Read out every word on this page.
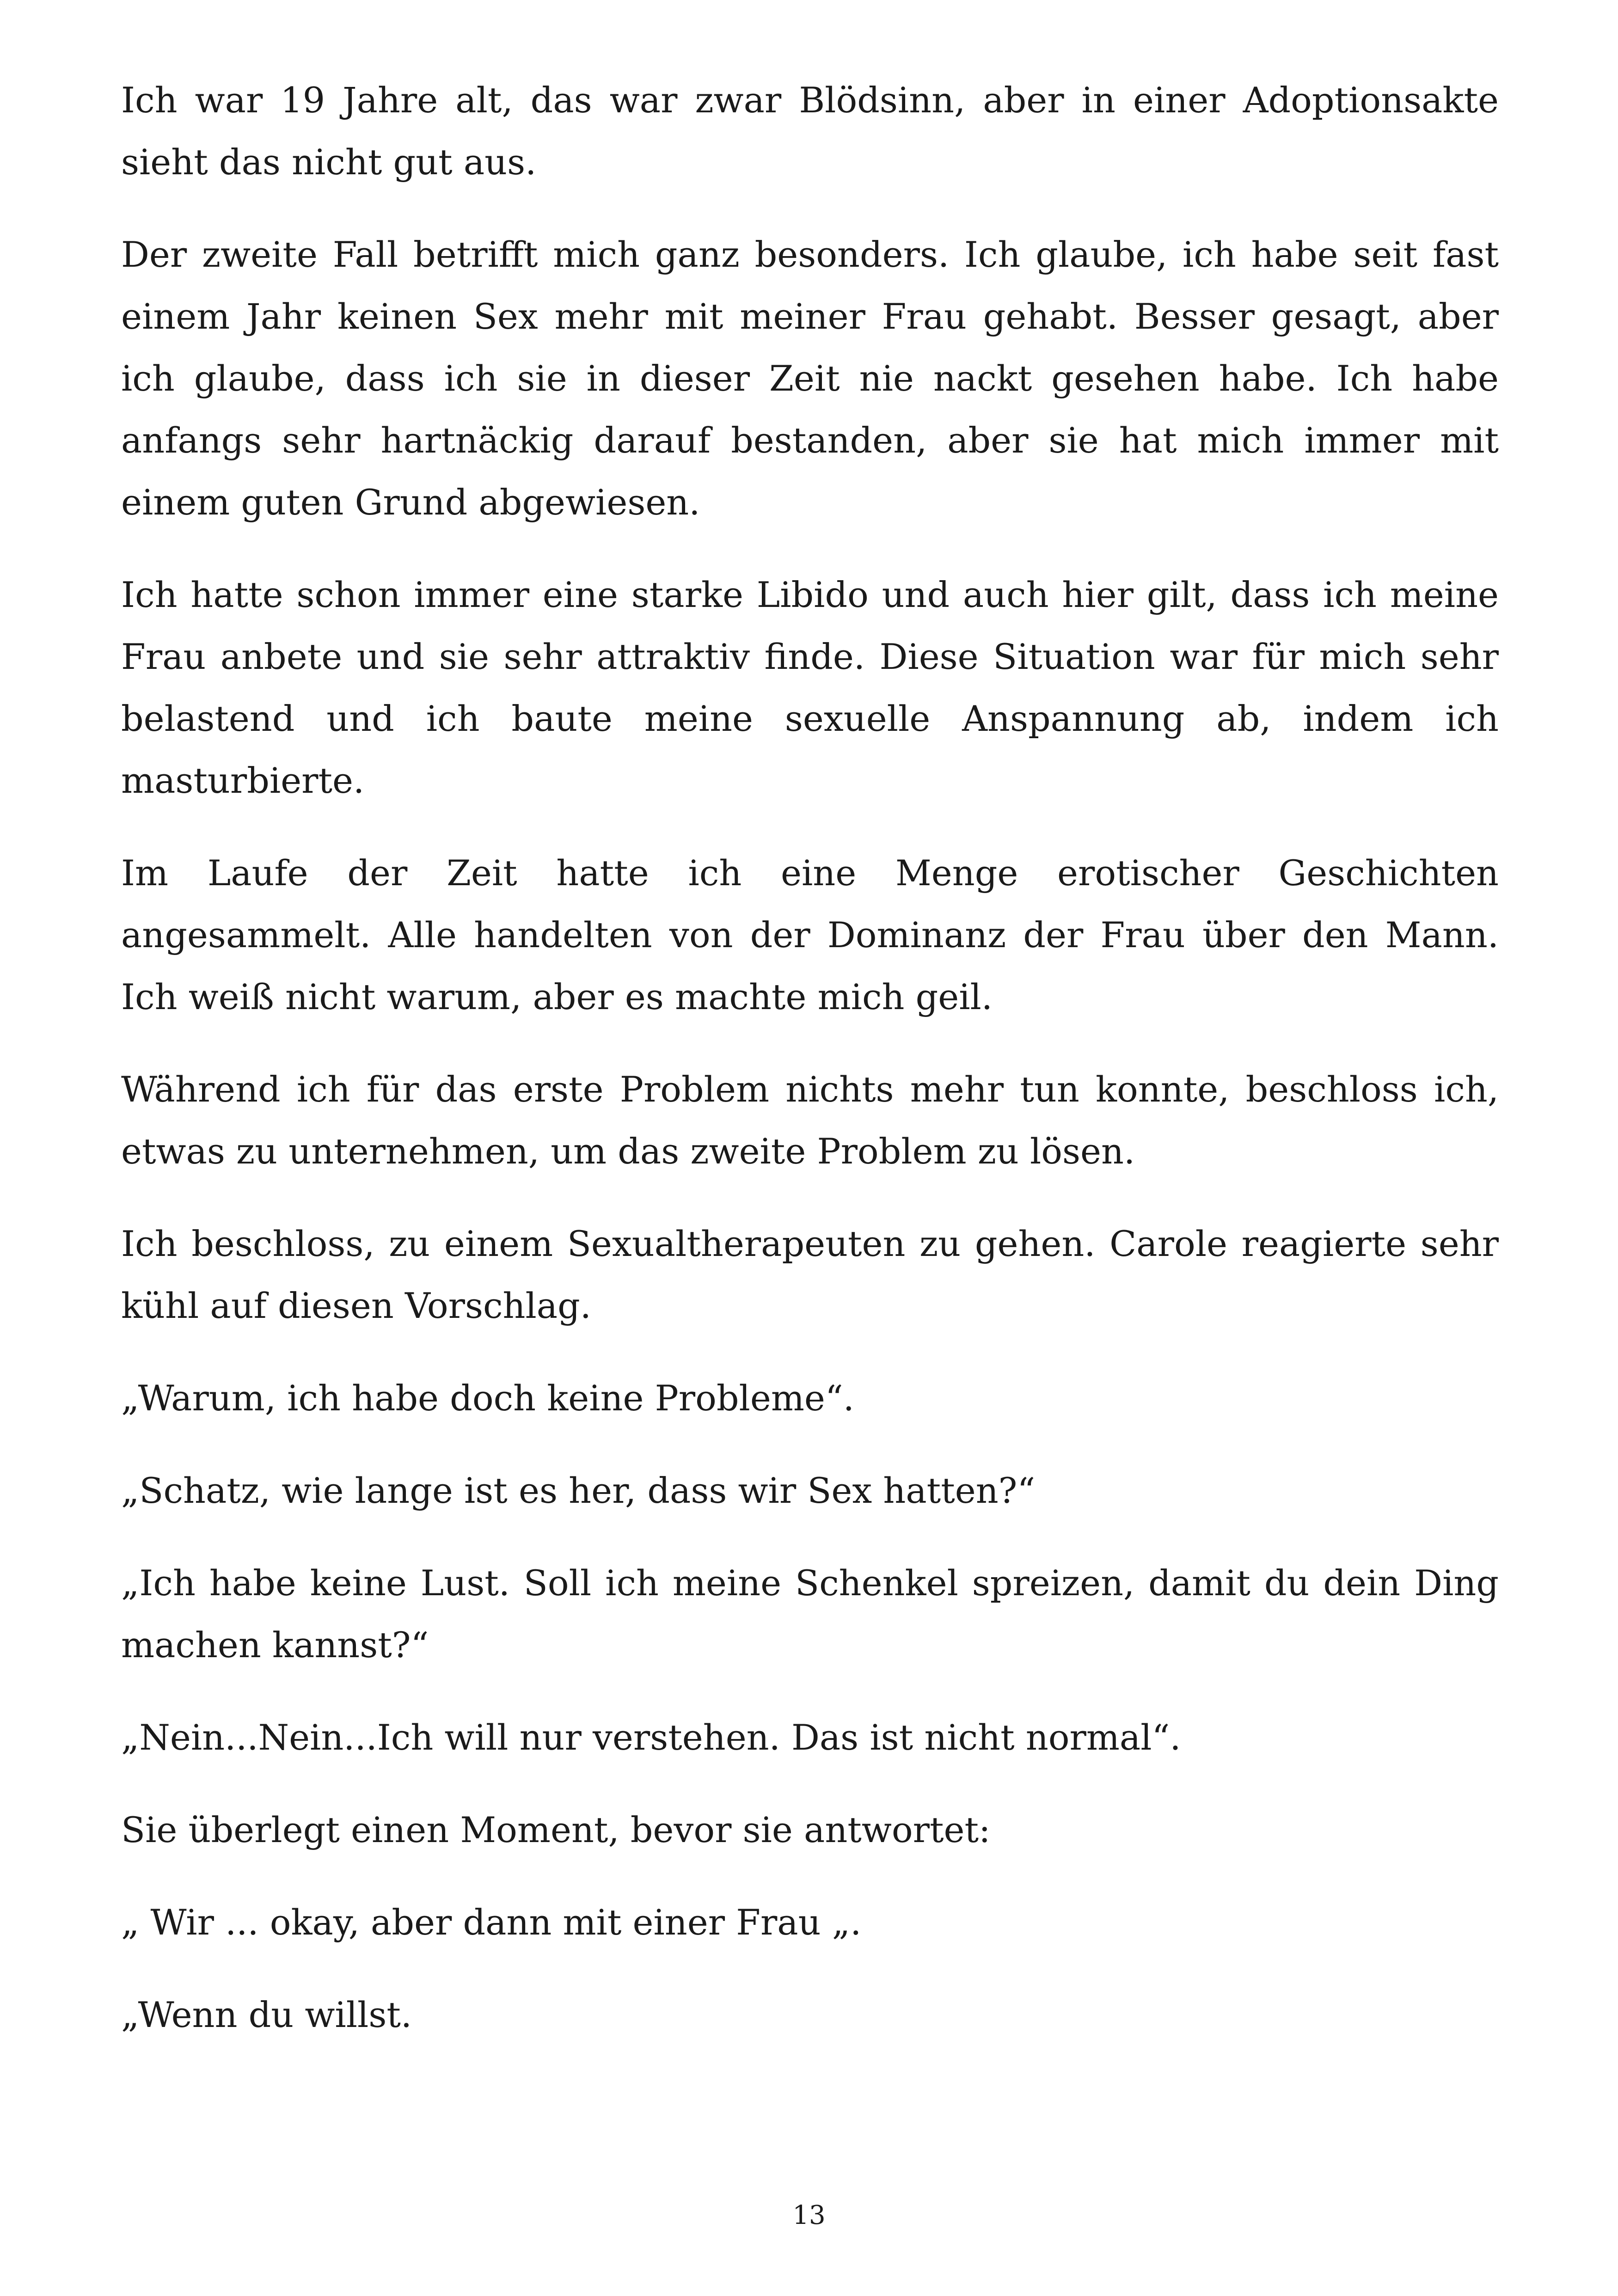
Ich war 19 Jahre alt, das war zwar Blödsinn, aber in einer Adoptionsakte sieht das nicht gut aus.

Der zweite Fall betrifft mich ganz besonders. Ich glaube, ich habe seit fast einem Jahr keinen Sex mehr mit meiner Frau gehabt. Besser gesagt, aber ich glaube, dass ich sie in dieser Zeit nie nackt gesehen habe. Ich habe anfangs sehr hartnäckig darauf bestanden, aber sie hat mich immer mit einem guten Grund abgewiesen.

Ich hatte schon immer eine starke Libido und auch hier gilt, dass ich meine Frau anbete und sie sehr attraktiv finde. Diese Situation war für mich sehr belastend und ich baute meine sexuelle Anspannung ab, indem ich masturbierte.

Im Laufe der Zeit hatte ich eine Menge erotischer Geschichten angesammelt. Alle handelten von der Dominanz der Frau über den Mann. Ich weiß nicht warum, aber es machte mich geil.

Während ich für das erste Problem nichts mehr tun konnte, beschloss ich, etwas zu unternehmen, um das zweite Problem zu lösen.

Ich beschloss, zu einem Sexualtherapeuten zu gehen. Carole reagierte sehr kühl auf diesen Vorschlag.

„Warum, ich habe doch keine Probleme“.

„Schatz, wie lange ist es her, dass wir Sex hatten?“

„Ich habe keine Lust. Soll ich meine Schenkel spreizen, damit du dein Ding machen kannst?“

„Nein...Nein...Ich will nur verstehen. Das ist nicht normal“.

Sie überlegt einen Moment, bevor sie antwortet:

„ Wir ... okay, aber dann mit einer Frau „.

„Wenn du willst.

13
